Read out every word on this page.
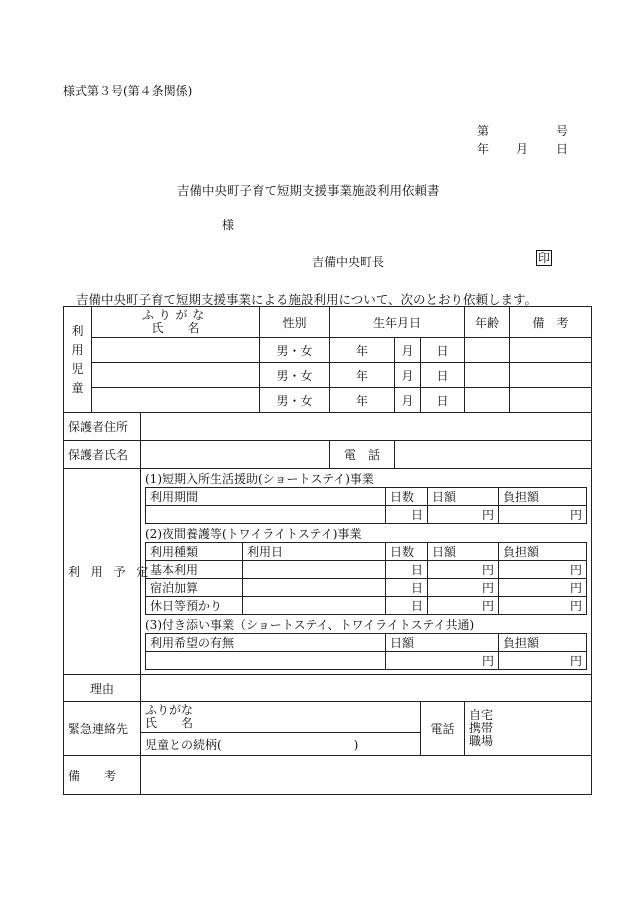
様式第３号(第４条関係)
第	号
年 月 日
吉備中央町子育て短期支援事業施設利用依頼書
様
吉備中央町長	印
吉備中央町子育て短期支援事業による施設利用について、次のとおり依頼します。
利
用
児
童

ふりがな
氏　　名	性別	生年月日	年齢	備　考
	男・女	年	月	日		
	男・女	年	月	日		
	男・女	年	月	日		
保護者住所	
保護者氏名		電　話	
利用予定	
(1)短期入所生活援助(ショートステイ)事業
利用期間	日数	日額	負担額
	日	円	円
(2)夜間養護等(トワイライトステイ)事業
利用種類	利用日	日数	日額	負担額
基本利用		日	円	円
宿泊加算		日	円	円
休日等預かり		日	円	円
(3)付き添い事業（ショートステイ、トワイライトステイ共通)
利用希望の有無	日額	負担額
	円	円

理由	
緊急連絡先	
ふりがな
氏　　名	電話	
自宅
携帯
職場

児童との続柄(　　　　　　　　　　　)
備　　考	
